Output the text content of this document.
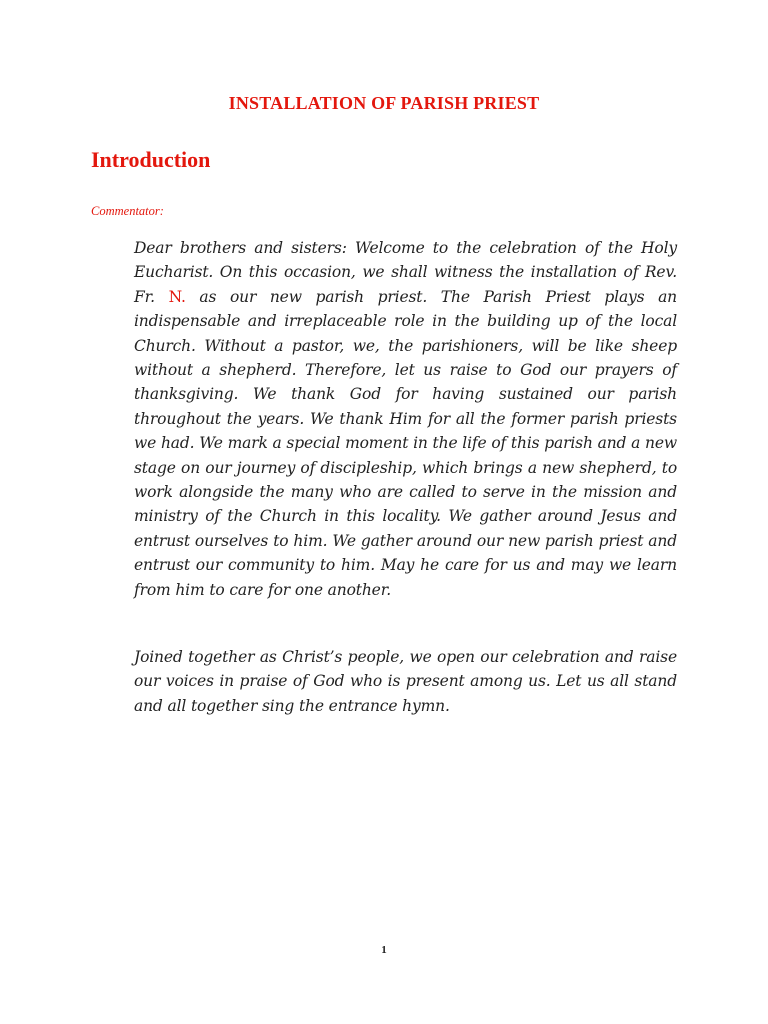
INSTALLATION OF PARISH PRIEST
Introduction

Commentator:

Dear brothers and sisters: Welcome to the celebration of the Holy Eucharist. On this occasion, we shall witness the installation of Rev. Fr. N. as our new parish priest. The Parish Priest plays an indispensable and irreplaceable role in the building up of the local Church. Without a pastor, we, the parishioners, will be like sheep without a shepherd. Therefore, let us raise to God our prayers of thanksgiving. We thank God for having sustained our parish throughout the years. We thank Him for all the former parish priests we had. We mark a special moment in the life of this parish and a new stage on our journey of discipleship, which brings a new shepherd, to work alongside the many who are called to serve in the mission and ministry of the Church in this locality. We gather around Jesus and entrust ourselves to him. We gather around our new parish priest and entrust our community to him. May he care for us and may we learn from him to care for one another.

Joined together as Christ’s people, we open our celebration and raise our voices in praise of God who is present among us. Let us all stand and all together sing the entrance hymn.

1
